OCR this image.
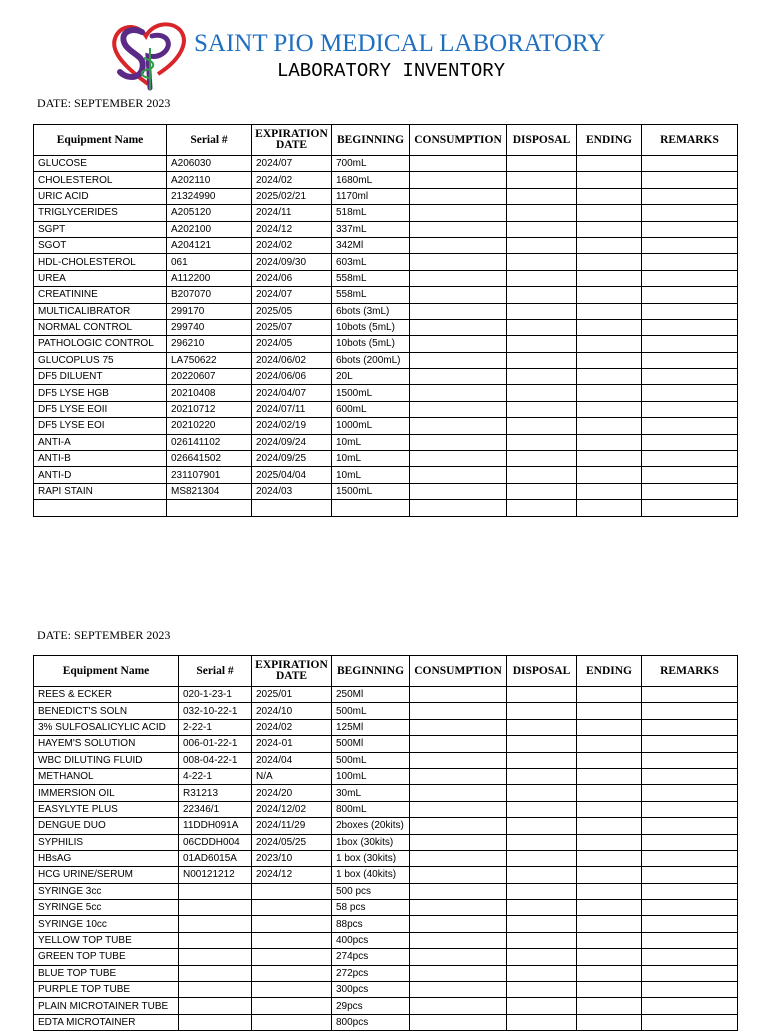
SAINT PIO MEDICAL LABORATORY
LABORATORY INVENTORY
DATE: SEPTEMBER 2023
Equipment Name	Serial #	EXPIRATION DATE	BEGINNING	CONSUMPTION	DISPOSAL	ENDING	REMARKS
GLUCOSE	A206030	2024/07	700mL				
CHOLESTEROL	A202110	2024/02	1680mL				
URIC ACID	21324990	2025/02/21	1170ml				
TRIGLYCERIDES	A205120	2024/11	518mL				
SGPT	A202100	2024/12	337mL				
SGOT	A204121	2024/02	342Ml				
HDL-CHOLESTEROL	061	2024/09/30	603mL				
UREA	A112200	2024/06	558mL				
CREATININE	B207070	2024/07	558mL				
MULTICALIBRATOR	299170	2025/05	6bots (3mL)				
NORMAL CONTROL	299740	2025/07	10bots (5mL)				
PATHOLOGIC CONTROL	296210	2024/05	10bots (5mL)				
GLUCOPLUS 75	LA750622	2024/06/02	6bots (200mL)				
DF5 DILUENT	20220607	2024/06/06	20L				
DF5 LYSE HGB	20210408	2024/04/07	1500mL				
DF5 LYSE EOII	20210712	2024/07/11	600mL				
DF5 LYSE EOI	20210220	2024/02/19	1000mL				
ANTI-A	026141102	2024/09/24	10mL				
ANTI-B	026641502	2024/09/25	10mL				
ANTI-D	231107901	2025/04/04	10mL				
RAPI STAIN	MS821304	2024/03	1500mL				

DATE: SEPTEMBER 2023
Equipment Name	Serial #	EXPIRATION DATE	BEGINNING	CONSUMPTION	DISPOSAL	ENDING	REMARKS
REES & ECKER	020-1-23-1	2025/01	250Ml				
BENEDICT'S SOLN	032-10-22-1	2024/10	500mL				
3% SULFOSALICYLIC ACID	2-22-1	2024/02	125Ml				
HAYEM'S SOLUTION	006-01-22-1	2024-01	500Ml				
WBC DILUTING FLUID	008-04-22-1	2024/04	500mL				
METHANOL	4-22-1	N/A	100mL				
IMMERSION OIL	R31213	2024/20	30mL				
EASYLYTE PLUS	22346/1	2024/12/02	800mL				
DENGUE DUO	11DDH091A	2024/11/29	2boxes (20kits)				
SYPHILIS	06CDDH004	2024/05/25	1box (30kits)				
HBsAG	01AD6015A	2023/10	1 box (30kits)				
HCG URINE/SERUM	N00121212	2024/12	1 box (40kits)				
SYRINGE 3cc			500 pcs				
SYRINGE 5cc			58 pcs				
SYRINGE 10cc			88pcs				
YELLOW TOP TUBE			400pcs				
GREEN TOP TUBE			274pcs				
BLUE TOP TUBE			272pcs				
PURPLE TOP TUBE			300pcs				
PLAIN MICROTAINER TUBE			29pcs				
EDTA MICROTAINER			800pcs				
